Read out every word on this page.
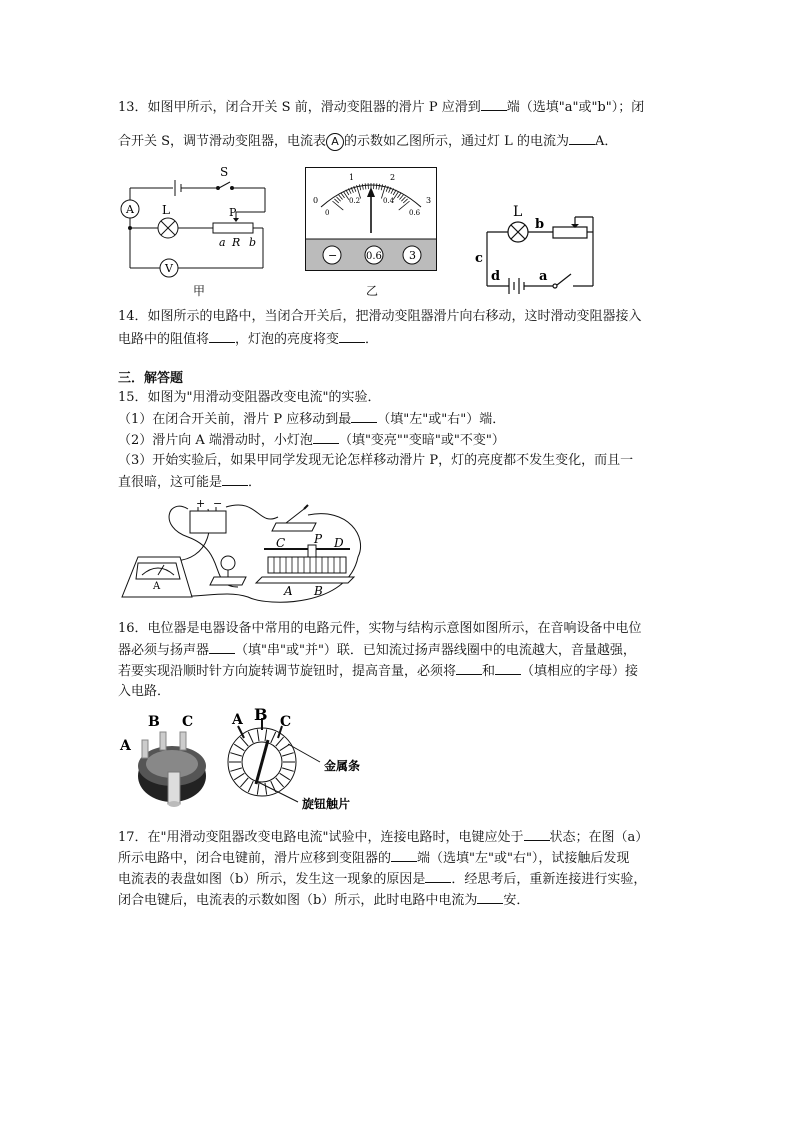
13．如图甲所示，闭合开关 S 前，滑动变阻器的滑片 P 应滑到 端（选填"a"或"b"）；闭
合开关 S，调节滑动变阻器，电流表 A 的示数如乙图所示，通过灯 L 的电流为 A．
A L
V
S
P
a R b
甲
−	0.6 3
0
1	2
3
0
0.2	0.4
0.6
乙
L
b
c
d	a
14．如图所示的电路中，当闭合开关后，把滑动变阻器滑片向右移动，这时滑动变阻器接入
电路中的阻值将 ，灯泡的亮度将变 ．
三．解答题
15．如图为"用滑动变阻器改变电流"的实验．
（1）在闭合开关前，滑片 P 应移动到最 （填"左"或"右"）端．
（2）滑片向 A 端滑动时，小灯泡 （填"变亮""变暗"或"不变"）
（3）开始实验后，如果甲同学发现无论怎样移动滑片 P，灯的亮度都不发生变化，而且一
直很暗，这可能是 ．
+ −
A
C P D
A B
16．电位器是电器设备中常用的电路元件，实物与结构示意图如图所示，在音响设备中电位
器必须与扬声器 （填"串"或"并"）联．已知流过扬声器线圈中的电流越大，音量越强，
若要实现沿顺时针方向旋转调节旋钮时，提高音量，必须将 和 （填相应的字母）接
入电路．
A
B C	A B C
金属条
旋钮触片
17．在"用滑动变阻器改变电路电流"试验中，连接电路时，电键应处于 状态；在图（a）
所示电路中，闭合电键前，滑片应移到变阻器的 端（选填"左"或"右"），试接触后发现
电流表的表盘如图（b）所示，发生这一现象的原因是 ．经思考后，重新连接进行实验，
闭合电键后，电流表的示数如图（b）所示，此时电路中电流为 安．
